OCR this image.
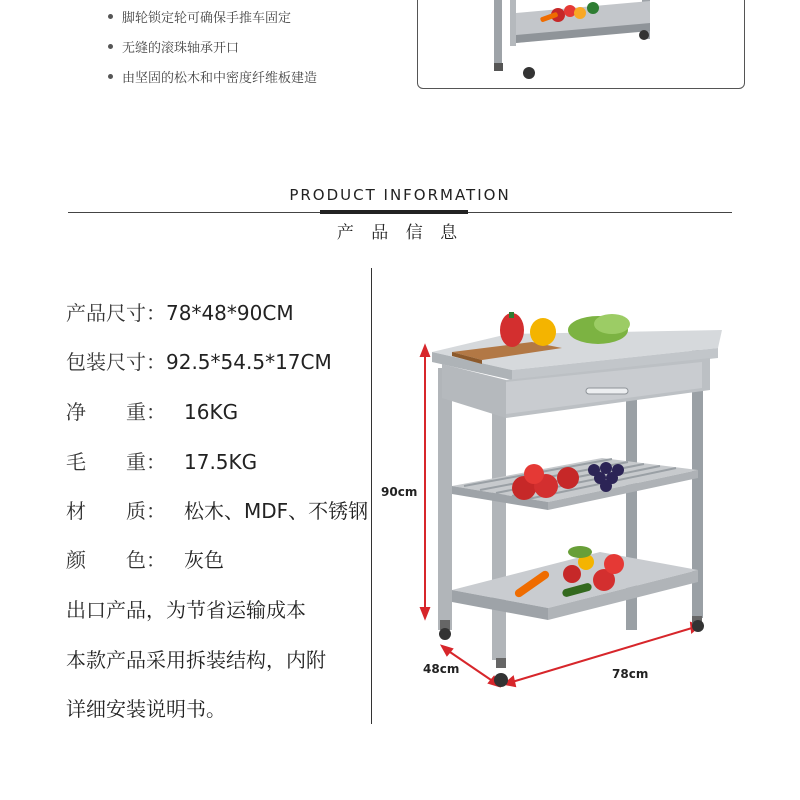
脚轮锁定轮可确保手推车固定
无缝的滚珠轴承开口
由坚固的松木和中密度纤维板建造
PRODUCT INFORMATION
产 品 信 息
产品尺寸：78*48*90CM
包装尺寸：92.5*54.5*17CM
净　　重： 16KG
毛　　重： 17.5KG
材　　质： 松木、MDF、不锈钢
颜　　色： 灰色
出口产品，为节省运输成本
本款产品采用拆装结构，内附
详细安装说明书。
90cm
48cm	78cm
